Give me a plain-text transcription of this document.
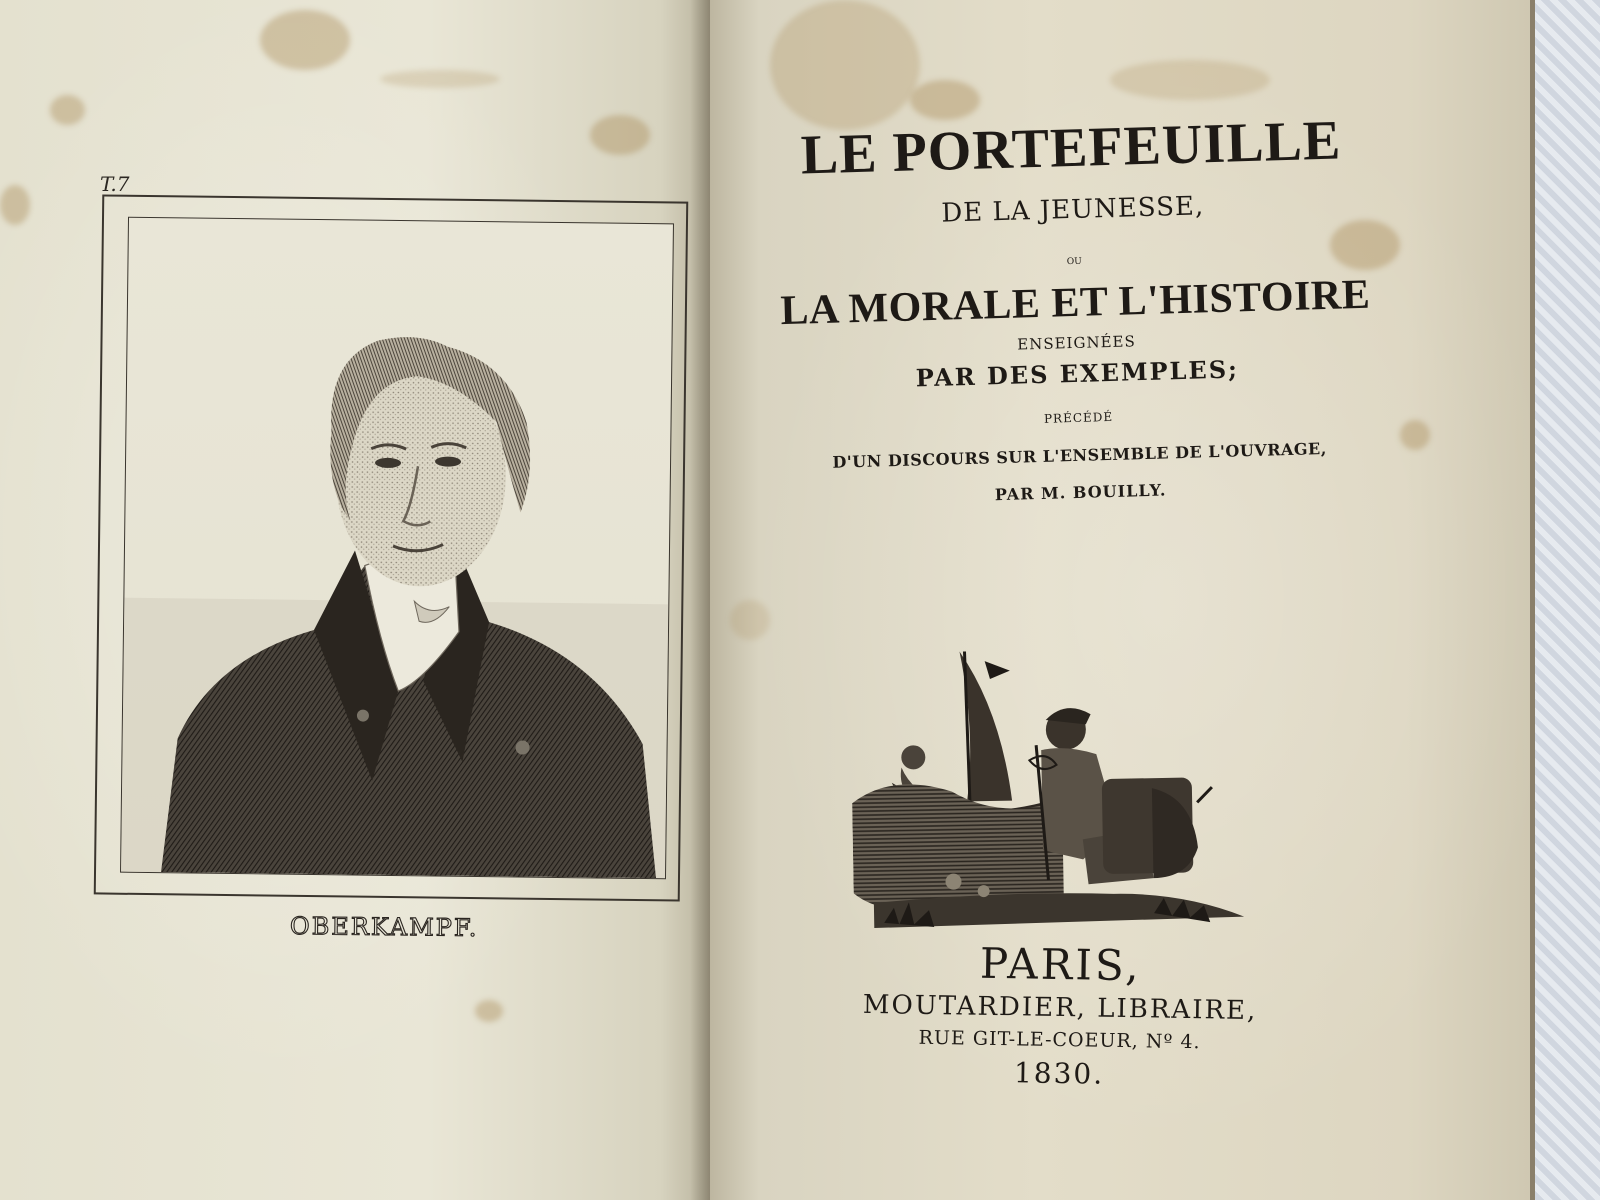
T.7
OBERKAMPF.
LE PORTEFEUILLE
DE LA JEUNESSE,
ou
LA MORALE ET L'HISTOIRE
ENSEIGNÉES
PAR DES EXEMPLES;
PRÉCÉDÉ
D'UN DISCOURS SUR L'ENSEMBLE DE L'OUVRAGE,
PAR M. BOUILLY.
PARIS,
MOUTARDIER, LIBRAIRE,
RUE GIT-LE-COEUR, Nº 4.
1830.
